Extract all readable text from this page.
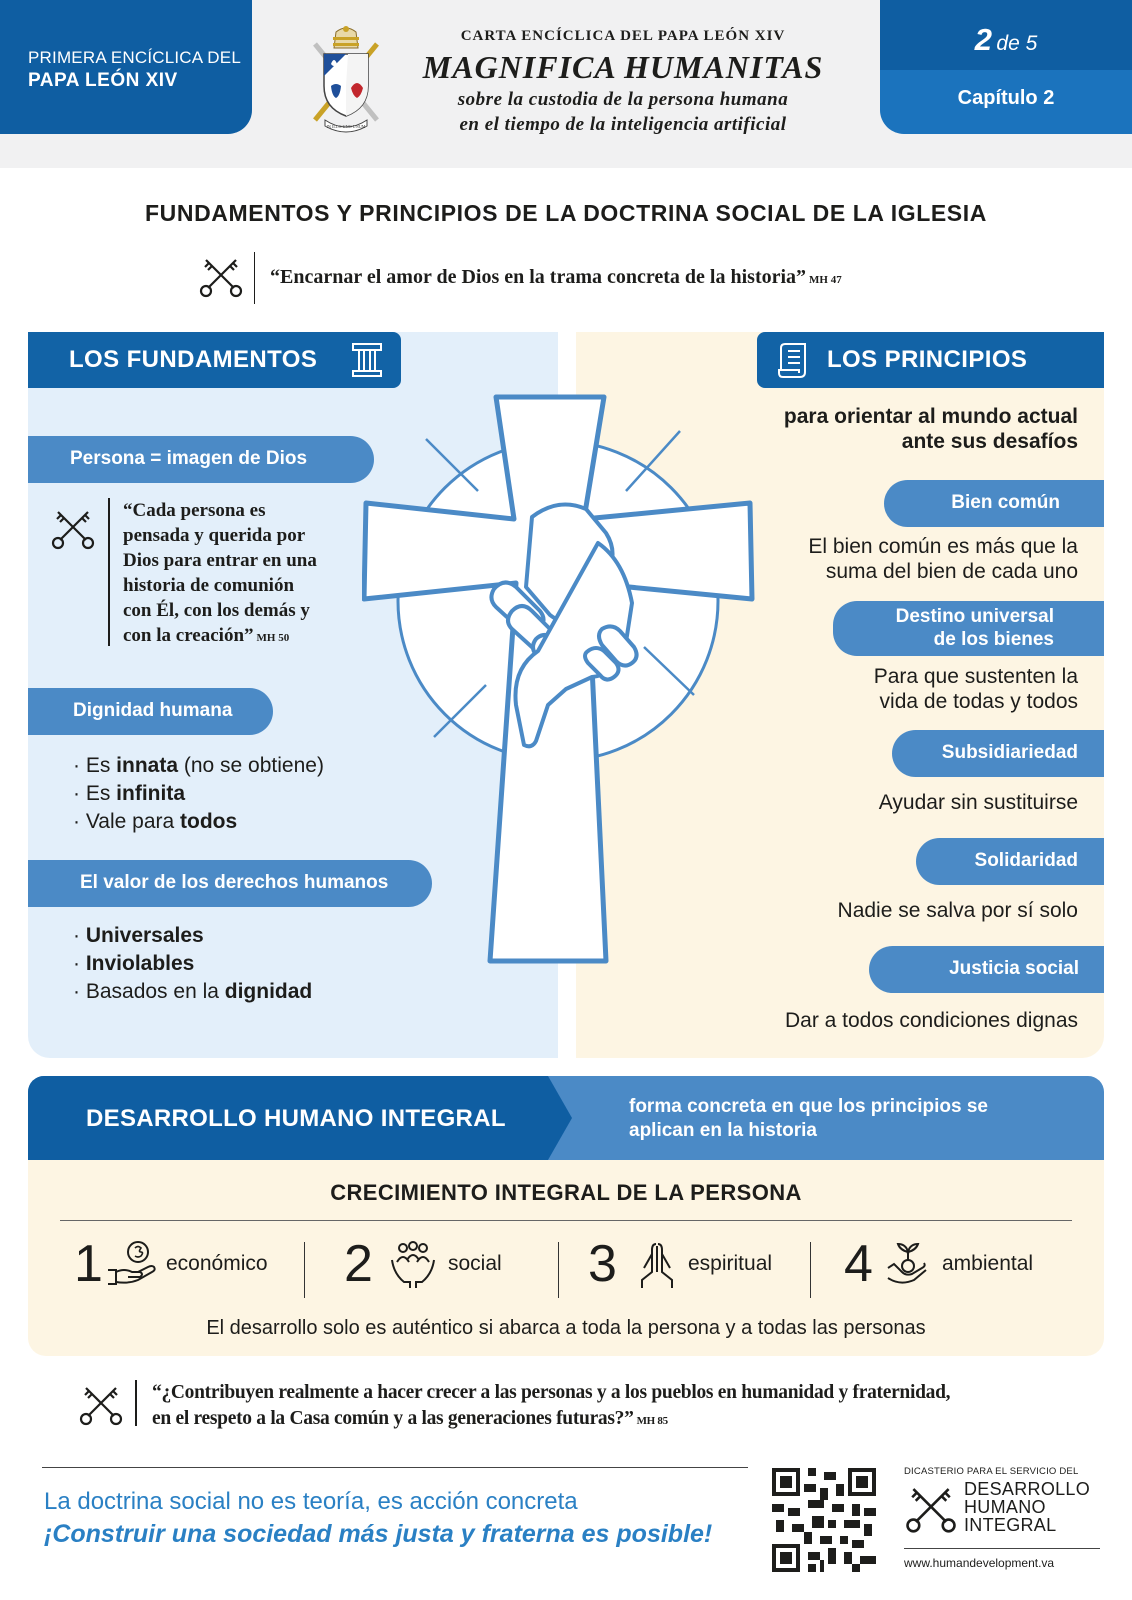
PRIMERA ENCÍCLICA DEL
PAPA LEÓN XIV
IN ILLO UNO UNUM
CARTA ENCÍCLICA DEL PAPA LEÓN XIV
MAGNIFICA HUMANITAS
sobre la custodia de la persona humana
en el tiempo de la inteligencia artificial
2 de 5
Capítulo 2
FUNDAMENTOS Y PRINCIPIOS DE LA DOCTRINA SOCIAL DE LA IGLESIA
“Encarnar el amor de Dios en la trama concreta de la historia” MH 47
LOS FUNDAMENTOS	LOS PRINCIPIOS
Persona = imagen de Dios
“Cada persona es
pensada y querida por
Dios para entrar en una
historia de comunión
con Él, con los demás y
con la creación” MH 50
Dignidad humana
· Es innata (no se obtiene)
· Es infinita
· Vale para todos
El valor de los derechos humanos
· Universales
· Inviolables
· Basados en la dignidad
para orientar al mundo actual
ante sus desafíos
Bien común
El bien común es más que la
suma del bien de cada uno
Destino universal
de los bienes
Para que sustenten la
vida de todas y todos
Subsidiariedad
Ayudar sin sustituirse
Solidaridad
Nadie se salva por sí solo
Justicia social
Dar a todos condiciones dignas
DESARROLLO HUMANO INTEGRAL	forma concreta en que los principios se
aplican en la historia
CRECIMIENTO INTEGRAL DE LA PERSONA
1	económico 2	social 3	espiritual 4	ambiental
El desarrollo solo es auténtico si abarca a toda la persona y a todas las personas
“¿Contribuyen realmente a hacer crecer a las personas y a los pueblos en humanidad y fraternidad,
en el respeto a la Casa común y a las generaciones futuras?” MH 85
La doctrina social no es teoría, es acción concreta
¡Construir una sociedad más justa y fraterna es posible!
DICASTERIO PARA EL SERVICIO DEL
DESARROLLO
HUMANO
INTEGRAL
www.humandevelopment.va
